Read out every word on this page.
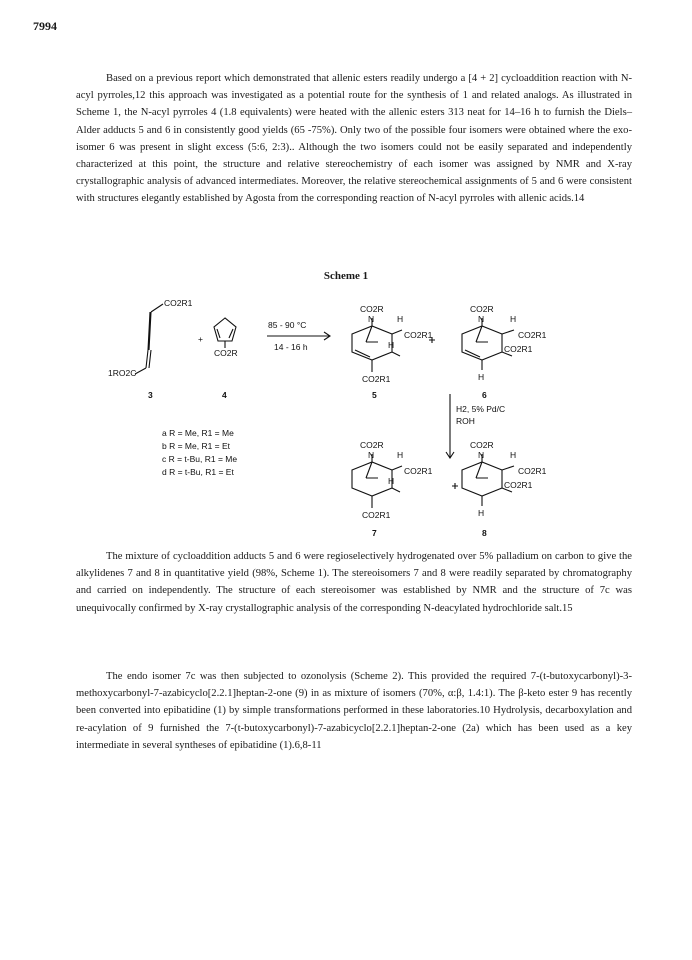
7994

Based on a previous report which demonstrated that allenic esters readily undergo a [4 + 2] cycloaddition reaction with N-acyl pyrroles,12 this approach was investigated as a potential route for the synthesis of 1 and related analogs. As illustrated in Scheme 1, the N-acyl pyrroles 4 (1.8 equivalents) were heated with the allenic esters 313 neat for 14–16 h to furnish the Diels–Alder adducts 5 and 6 in consistently good yields (65 -75%). Only two of the possible four isomers were obtained where the exo-isomer 6 was present in slight excess (5:6, 2:3).. Although the two isomers could not be easily separated and independently characterized at this point, the structure and relative stereochemistry of each isomer was assigned by NMR and X-ray crystallographic analysis of advanced intermediates. Moreover, the relative stereochemical assignments of 5 and 6 were consistent with structures elegantly established by Agosta from the corresponding reaction of N-acyl pyrroles with allenic acids.14

Scheme 1
CO2R1
1RO2C
3
+
CO2R
4
85 - 90 °C
14 - 16 h
CO2R
N	H
CO2R1
H
CO2R1
5
CO2R
N	H
CO2R1
CO2R1
H
6
H2, 5% Pd/C
ROH
a R = Me, R1 = Me
b R = Me, R1 = Et
c R = t-Bu, R1 = Me
d R = t-Bu, R1 = Et
CO2R
N	H
CO2R1
H
CO2R1
7
CO2R
N	H
CO2R1
CO2R1
H
8

The mixture of cycloaddition adducts 5 and 6 were regioselectively hydrogenated over 5% palladium on carbon to give the alkylidenes 7 and 8 in quantitative yield (98%, Scheme 1). The stereoisomers 7 and 8 were readily separated by chromatography and carried on independently. The structure of each stereoisomer was established by NMR and the structure of 7c was unequivocally confirmed by X-ray crystallographic analysis of the corresponding N-deacylated hydrochloride salt.15

The endo isomer 7c was then subjected to ozonolysis (Scheme 2). This provided the required 7-(t-butoxycarbonyl)-3-methoxycarbonyl-7-azabicyclo[2.2.1]heptan-2-one (9) in as mixture of isomers (70%, α:β, 1.4:1). The β-keto ester 9 has recently been converted into epibatidine (1) by simple transformations performed in these laboratories.10 Hydrolysis, decarboxylation and re-acylation of 9 furnished the 7-(t-butoxycarbonyl)-7-azabicyclo[2.2.1]heptan-2-one (2a) which has been used as a key intermediate in several syntheses of epibatidine (1).6,8-11
